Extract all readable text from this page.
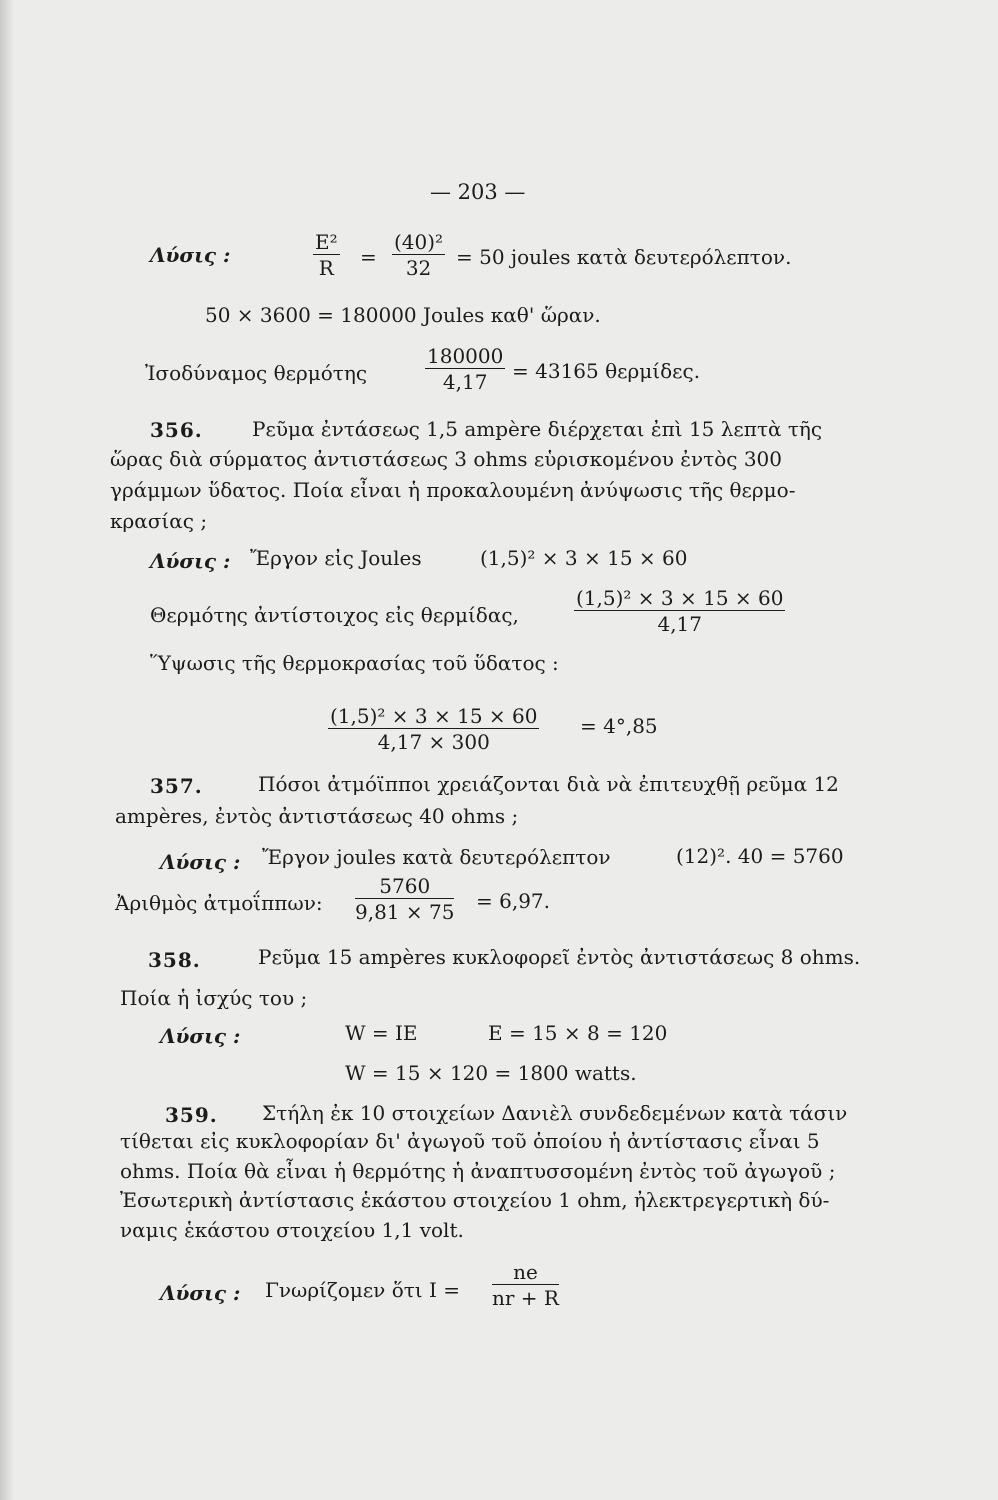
— 203 —
Λύσις :	$\frac{\text{E²}}{R} = \frac{\text{(40)²}}{32} = 50$ joules κατὰ δευτερόλεπτον.
50 × 3600 = 180000 Joules καθ' ὥραν.
Ἰσοδύναμος θερμότης	$\frac{180000}{4,17} = 43165$ θερμίδες.
356. Ρεῦμα ἐντάσεως 1,5 ampère διέρχεται ἐπὶ 15 λεπτὰ τῆς
ὥρας διὰ σύρματος ἀντιστάσεως 3 ohms εὑρισκομένου ἐντὸς 300
γράμμων ὕδατος. Ποία εἶναι ἡ προκαλουμένη ἀνύψωσις τῆς θερμο-
κρασίας ;
Λύσις : Ἔργον εἰς Joules	(1,5)² × 3 × 15 × 60
Θερμότης ἀντίστοιχος εἰς θερμίδας,	$\frac{\text{(1,5)² × 3 × 15 × 60}}{4,17}$
Ὕψωσις τῆς θερμοκρασίας τοῦ ὕδατος :
$\frac{\text{(1,5)² × 3 × 15 × 60}}{4,17 \times 300} = 4^\circ,85$
357.	Πόσοι ἀτμόϊπποι χρειάζονται διὰ νὰ ἐπιτευχθῇ ρεῦμα 12
ampères, ἐντὸς ἀντιστάσεως 40 ohms ;
Λύσις : Ἔργον joules κατὰ δευτερόλεπτον	(12)². 40 = 5760
Ἀριθμὸς ἀτμοΐππων: $\frac{5760}{9,81 \times 75} = 6,97$.
358.	Ρεῦμα 15 ampères κυκλοφορεῖ ἐντὸς ἀντιστάσεως 8 ohms.
Ποία ἡ ἰσχύς του ;
Λύσις :	W = IE	E = 15 × 8 = 120
W = 15 × 120 = 1800 watts.
359. Στήλη ἐκ 10 στοιχείων Δανιὲλ συνδεδεμένων κατὰ τάσιν
τίθεται εἰς κυκλοφορίαν δι' ἀγωγοῦ τοῦ ὁποίου ἡ ἀντίστασις εἶναι 5
ohms. Ποία θὰ εἶναι ἡ θερμότης ἡ ἀναπτυσσομένη ἐντὸς τοῦ ἀγωγοῦ ;
Ἐσωτερικὴ ἀντίστασις ἑκάστου στοιχείου 1 ohm, ἠλεκτρεγερτικὴ δύ-
ναμις ἑκάστου στοιχείου 1,1 volt.
Λύσις : Γνωρίζομεν ὅτι $I = \frac{ne}{nr + R}$
